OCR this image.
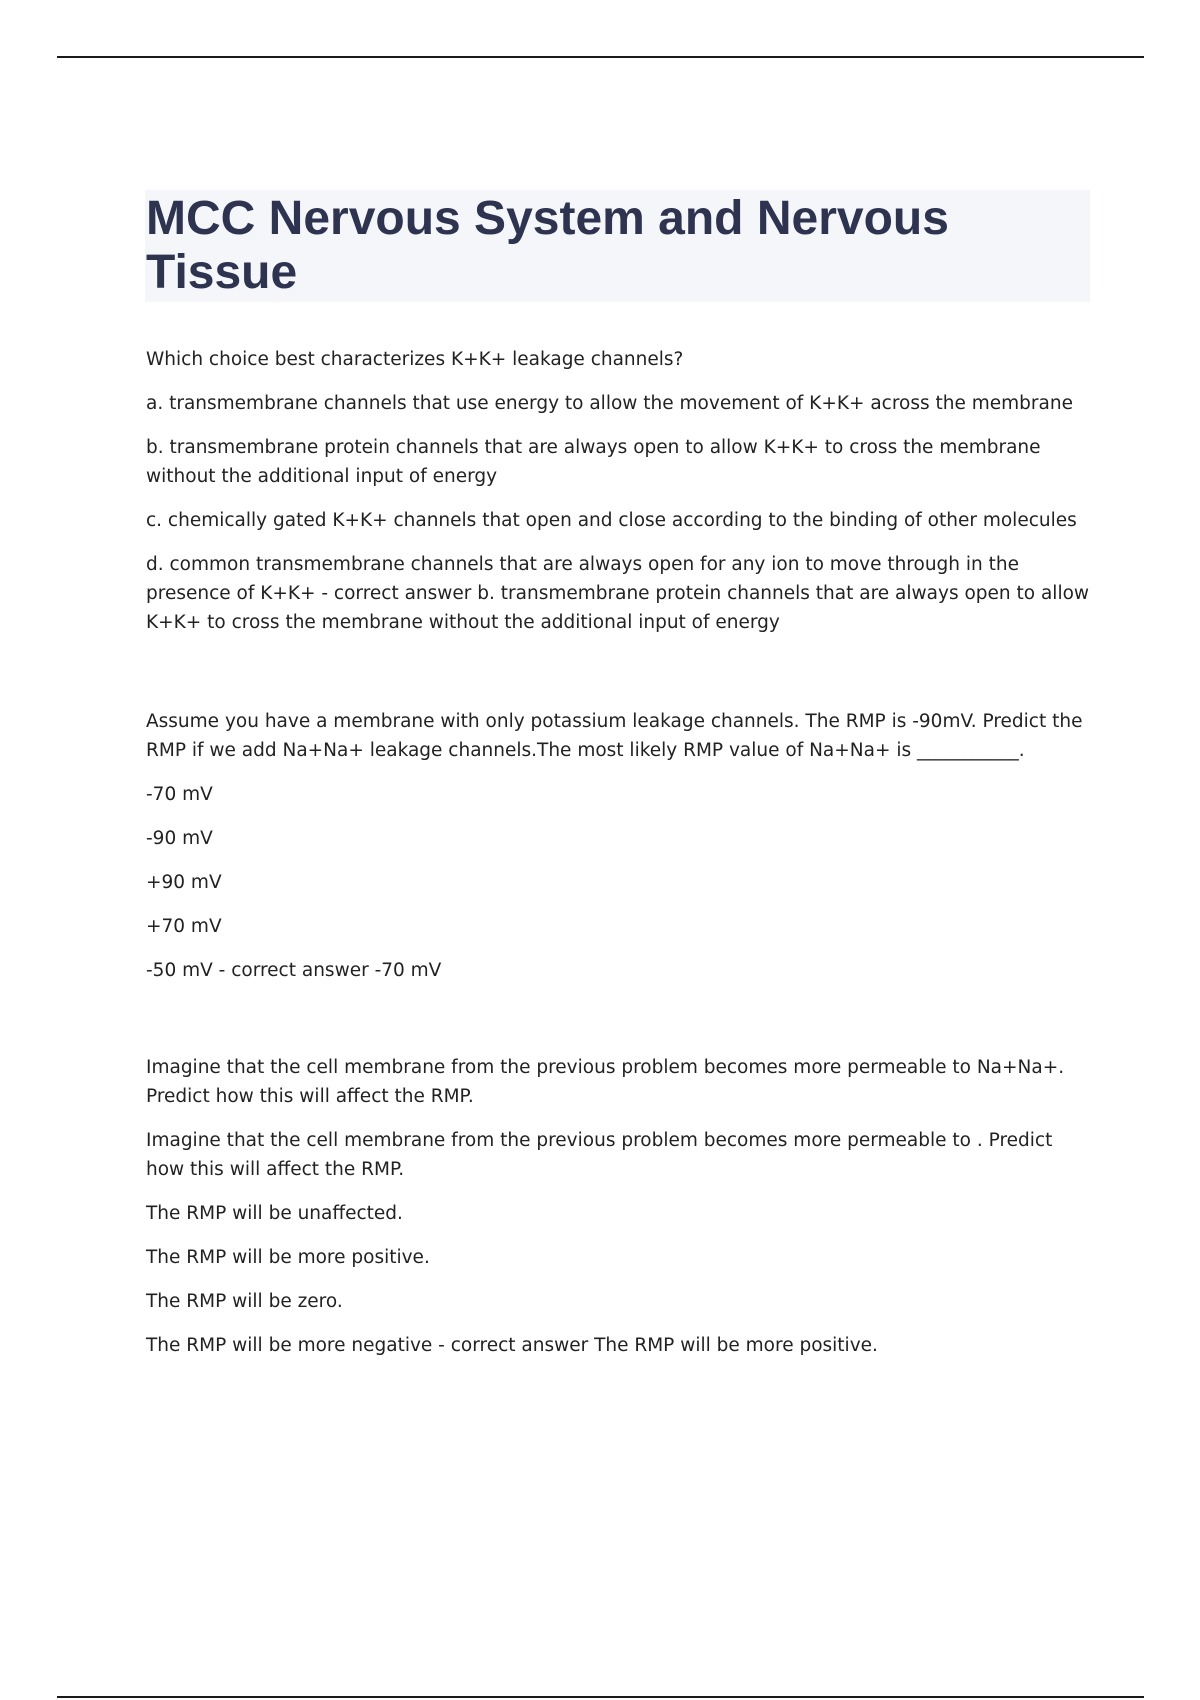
MCC Nervous System and Nervous Tissue

Which choice best characterizes K+K+ leakage channels?

a. transmembrane channels that use energy to allow the movement of K+K+ across the membrane

b. transmembrane protein channels that are always open to allow K+K+ to cross the membrane without the additional input of energy

c. chemically gated K+K+ channels that open and close according to the binding of other molecules

d. common transmembrane channels that are always open for any ion to move through in the presence of K+K+ - correct answer b. transmembrane protein channels that are always open to allow K+K+ to cross the membrane without the additional input of energy

Assume you have a membrane with only potassium leakage channels. The RMP is -90mV. Predict the RMP if we add Na+Na+ leakage channels.The most likely RMP value of Na+Na+ is ___________.

-70 mV

-90 mV

+90 mV

+70 mV

-50 mV - correct answer -70 mV

Imagine that the cell membrane from the previous problem becomes more permeable to Na+Na+. Predict how this will affect the RMP.

Imagine that the cell membrane from the previous problem becomes more permeable to . Predict how this will affect the RMP.

The RMP will be unaffected.

The RMP will be more positive.

The RMP will be zero.

The RMP will be more negative - correct answer The RMP will be more positive.
